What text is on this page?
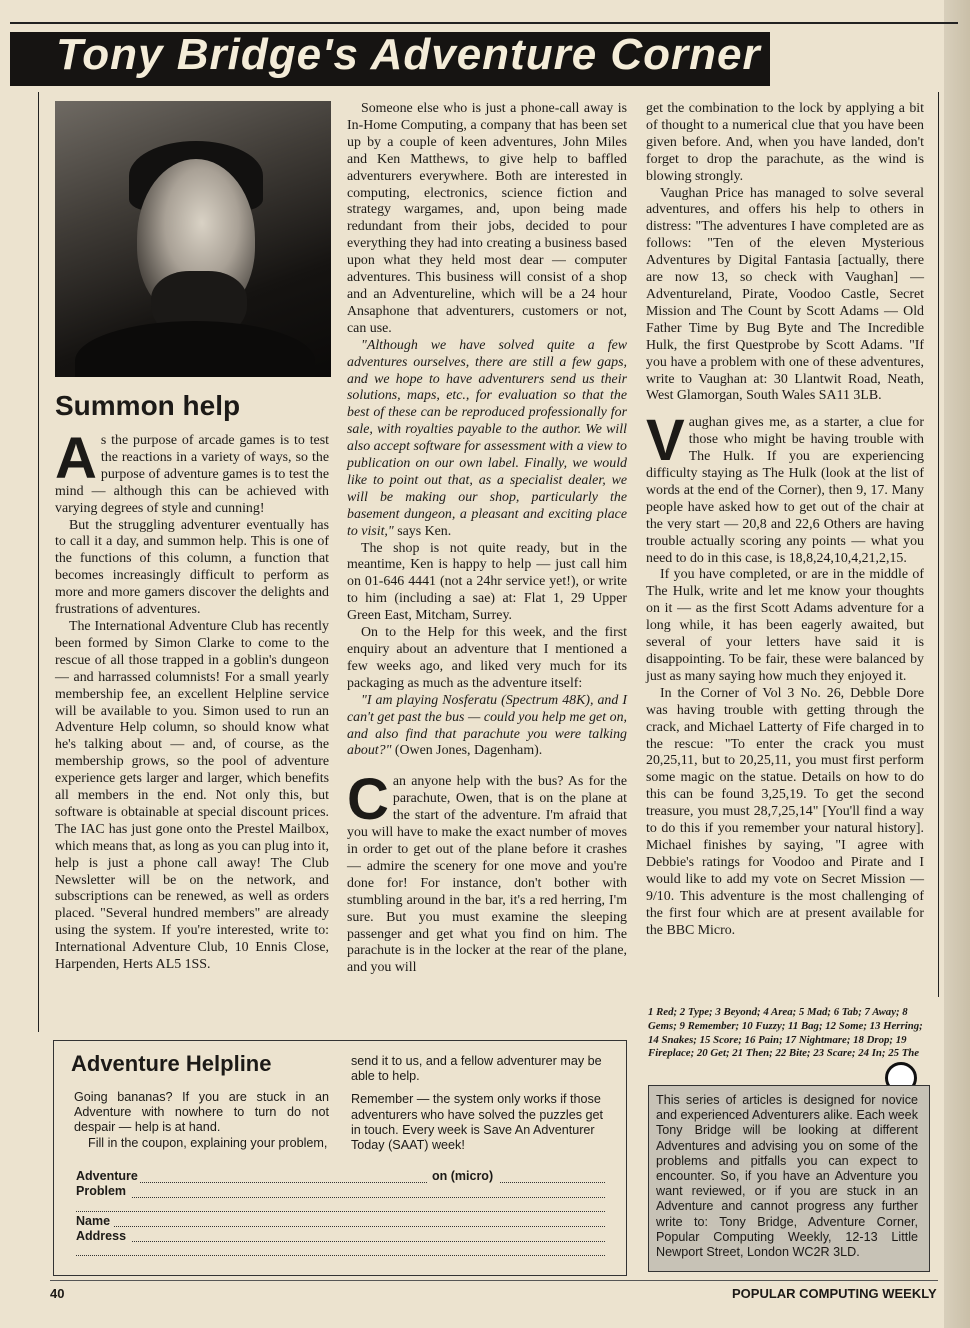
Tony Bridge's Adventure Corner
Summon help

As the purpose of arcade games is to test the reactions in a variety of ways, so the purpose of adventure games is to test the mind — although this can be achieved with varying degrees of style and cunning!

But the struggling adventurer eventually has to call it a day, and summon help. This is one of the functions of this column, a function that becomes increasingly difficult to perform as more and more gamers discover the delights and frustrations of adventures.

The International Adventure Club has recently been formed by Simon Clarke to come to the rescue of all those trapped in a goblin's dungeon — and harrassed columnists! For a small yearly membership fee, an excellent Helpline service will be available to you. Simon used to run an Adventure Help column, so should know what he's talking about — and, of course, as the membership grows, so the pool of adventure experience gets larger and larger, which benefits all members in the end. Not only this, but software is obtainable at special discount prices. The IAC has just gone onto the Prestel Mailbox, which means that, as long as you can plug into it, help is just a phone call away! The Club Newsletter will be on the network, and subscriptions can be renewed, as well as orders placed. "Several hundred members" are already using the system. If you're interested, write to: International Adventure Club, 10 Ennis Close, Harpenden, Herts AL5 1SS.

Someone else who is just a phone-call away is In-Home Computing, a company that has been set up by a couple of keen adventures, John Miles and Ken Matthews, to give help to baffled adventurers everywhere. Both are interested in computing, electronics, science fiction and strategy wargames, and, upon being made redundant from their jobs, decided to pour everything they had into creating a business based upon what they held most dear — computer adventures. This business will consist of a shop and an Adventureline, which will be a 24 hour Ansaphone that adventurers, customers or not, can use.

"Although we have solved quite a few adventures ourselves, there are still a few gaps, and we hope to have adventurers send us their solutions, maps, etc., for evaluation so that the best of these can be reproduced professionally for sale, with royalties payable to the author. We will also accept software for assessment with a view to publication on our own label. Finally, we would like to point out that, as a specialist dealer, we will be making our shop, particularly the basement dungeon, a pleasant and exciting place to visit," says Ken.

The shop is not quite ready, but in the meantime, Ken is happy to help — just call him on 01-646 4441 (not a 24hr service yet!), or write to him (including a sae) at: Flat 1, 29 Upper Green East, Mitcham, Surrey.

On to the Help for this week, and the first enquiry about an adventure that I mentioned a few weeks ago, and liked very much for its packaging as much as the adventure itself:

"I am playing Nosferatu (Spectrum 48K), and I can't get past the bus — could you help me get on, and also find that parachute you were talking about?" (Owen Jones, Dagenham).

Can anyone help with the bus? As for the parachute, Owen, that is on the plane at the start of the adventure. I'm afraid that you will have to make the exact number of moves in order to get out of the plane before it crashes — admire the scenery for one move and you're done for! For instance, don't bother with stumbling around in the bar, it's a red herring, I'm sure. But you must examine the sleeping passenger and get what you find on him. The parachute is in the locker at the rear of the plane, and you will

get the combination to the lock by applying a bit of thought to a numerical clue that you have been given before. And, when you have landed, don't forget to drop the parachute, as the wind is blowing strongly.

Vaughan Price has managed to solve several adventures, and offers his help to others in distress: "The adventures I have completed are as follows: "Ten of the eleven Mysterious Adventures by Digital Fantasia [actually, there are now 13, so check with Vaughan] — Adventureland, Pirate, Voodoo Castle, Secret Mission and The Count by Scott Adams — Old Father Time by Bug Byte and The Incredible Hulk, the first Questprobe by Scott Adams. "If you have a problem with one of these adventures, write to Vaughan at: 30 Llantwit Road, Neath, West Glamorgan, South Wales SA11 3LB.

Vaughan gives me, as a starter, a clue for those who might be having trouble with The Hulk. If you are experiencing difficulty staying as The Hulk (look at the list of words at the end of the Corner), then 9, 17. Many people have asked how to get out of the chair at the very start — 20,8 and 22,6 Others are having trouble actually scoring any points — what you need to do in this case, is 18,8,24,10,4,21,2,15.

If you have completed, or are in the middle of The Hulk, write and let me know your thoughts on it — as the first Scott Adams adventure for a long while, it has been eagerly awaited, but several of your letters have said it is disappointing. To be fair, these were balanced by just as many saying how much they enjoyed it.

In the Corner of Vol 3 No. 26, Debble Dore was having trouble with getting through the crack, and Michael Latterty of Fife charged in to the rescue: "To enter the crack you must 20,25,11, but to 20,25,11, you must first perform some magic on the statue. Details on how to do this can be found 3,25,19. To get the second treasure, you must 28,7,25,14" [You'll find a way to do this if you remember your natural history]. Michael finishes by saying, "I agree with Debbie's ratings for Voodoo and Pirate and I would like to add my vote on Secret Mission — 9/10. This adventure is the most challenging of the first four which are at present available for the BBC Micro.

1 Red; 2 Type; 3 Beyond; 4 Area; 5 Mad; 6 Tab; 7 Away; 8 Gems; 9 Remember; 10 Fuzzy; 11 Bag; 12 Some; 13 Herring; 14 Snakes; 15 Score; 16 Pain; 17 Nightmare; 18 Drop; 19 Fireplace; 20 Get; 21 Then; 22 Bite; 23 Scare; 24 In; 25 The
Adventure Helpline
Going bananas? If you are stuck in an Adventure with nowhere to turn do not despair — help is at hand.
Fill in the coupon, explaining your problem,
send it to us, and a fellow adventurer may be able to help.
Remember — the system only works if those adventurers who have solved the puzzles get in touch. Every week is Save An Adventurer Today (SAAT) week!
Adventure	on (micro)
Problem
Name
Address
This series of articles is designed for novice and experienced Adventurers alike. Each week Tony Bridge will be looking at different Adventures and advising you on some of the problems and pitfalls you can expect to encounter. So, if you have an Adventure you want reviewed, or if you are stuck in an Adventure and cannot progress any further write to: Tony Bridge, Adventure Corner, Popular Computing Weekly, 12-13 Little Newport Street, London WC2R 3LD.
40	POPULAR COMPUTING WEEKLY
